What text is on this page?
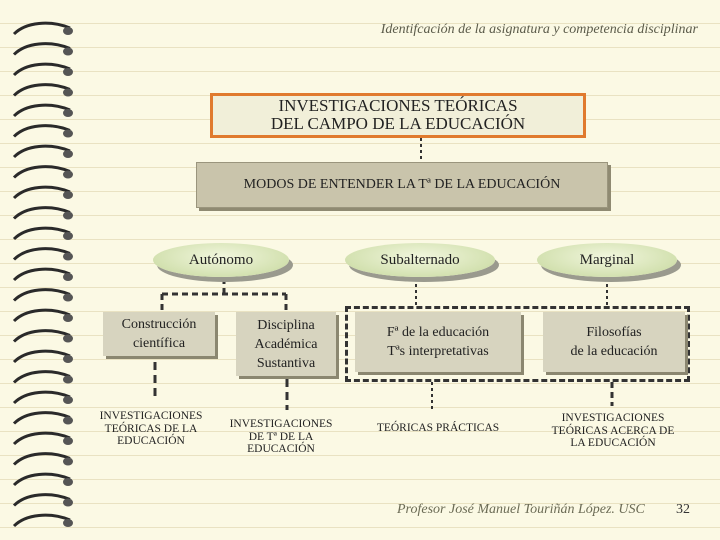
Identifcación de la asignatura y competencia disciplinar
INVESTIGACIONES TEÓRICAS
DEL CAMPO DE LA EDUCACIÓN
MODOS DE ENTENDER LA Tª DE LA EDUCACIÓN
Autónomo	Subalternado	Marginal
Construcción científica
Disciplina Académica Sustantiva
Fª de la educación
Tªs interpretativas
Filosofías
de la educación
INVESTIGACIONES TEÓRICAS DE LA EDUCACIÓN
INVESTIGACIONES DE Tª DE LA EDUCACIÓN
TEÓRICAS PRÁCTICAS
INVESTIGACIONES TEÓRICAS ACERCA DE LA EDUCACIÓN
Profesor José Manuel Touriñán López. USC 32
